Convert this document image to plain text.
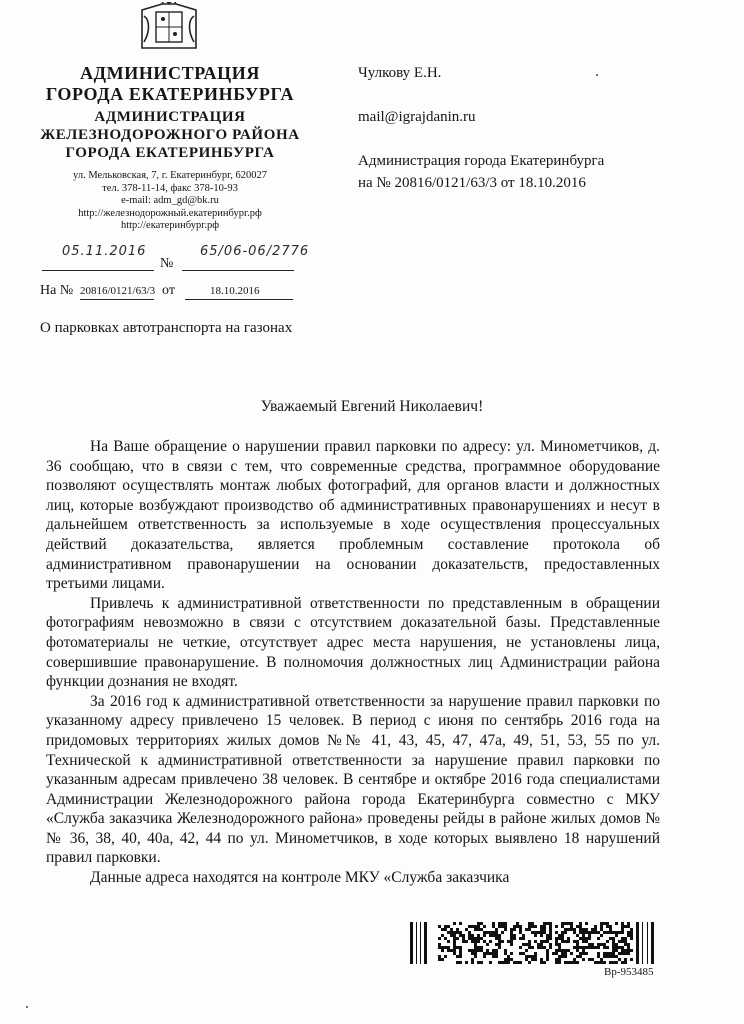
АДМИНИСТРАЦИЯ
ГОРОДА ЕКАТЕРИНБУРГА
АДМИНИСТРАЦИЯ
ЖЕЛЕЗНОДОРОЖНОГО РАЙОНА
ГОРОДА ЕКАТЕРИНБУРГА
ул. Мельковская, 7, г. Екатеринбург, 620027
тел. 378-11-14, факс 378-10-93
e-mail: adm_gd@bk.ru
http://железнодорожный.екатеринбург.рф
http://екатеринбург.рф
05.11.2016
№
65/06-06/2776
На № 20816/0121/63/3 от	18.10.2016
О парковках автотранспорта на газонах
Чулкову Е.Н.
mail@igrajdanin.ru
Администрация города Екатеринбурга
на № 20816/0121/63/3 от 18.10.2016
Уважаемый Евгений Николаевич!

На Ваше обращение о нарушении правил парковки по адресу: ул. Минометчиков, д. 36 сообщаю, что в связи с тем, что современные средства, программное оборудование позволяют осуществлять монтаж любых фотографий, для органов власти и должностных лиц, которые возбуждают производство об административных правонарушениях и несут в дальнейшем ответственность за используемые в ходе осуществления процессуальных действий доказательства, является проблемным составление протокола об административном правонарушении на основании доказательств, предоставленных третьими лицами.

Привлечь к административной ответственности по представленным в обращении фотографиям невозможно в связи с отсутствием доказательной базы. Представленные фотоматериалы не четкие, отсутствует адрес места нарушения, не установлены лица, совершившие правонарушение. В полномочия должностных лиц Администрации района функции дознания не входят.

За 2016 год к административной ответственности за нарушение правил парковки по указанному адресу привлечено 15 человек. В период с июня по сентябрь 2016 года на придомовых территориях жилых домов №№ 41, 43, 45, 47, 47а, 49, 51, 53, 55 по ул. Технической к административной ответственности за нарушение правил парковки по указанным адресам привлечено 38 человек. В сентябре и октябре 2016 года специалистами Администрации Железнодорожного района города Екатеринбурга совместно с МКУ «Служба заказчика Железнодорожного района» проведены рейды в районе жилых домов №№ 36, 38, 40, 40а, 42, 44 по ул. Минометчиков, в ходе которых выявлено 18 нарушений правил парковки.

Данные адреса находятся на контроле МКУ «Служба заказчика

Вр-953485
